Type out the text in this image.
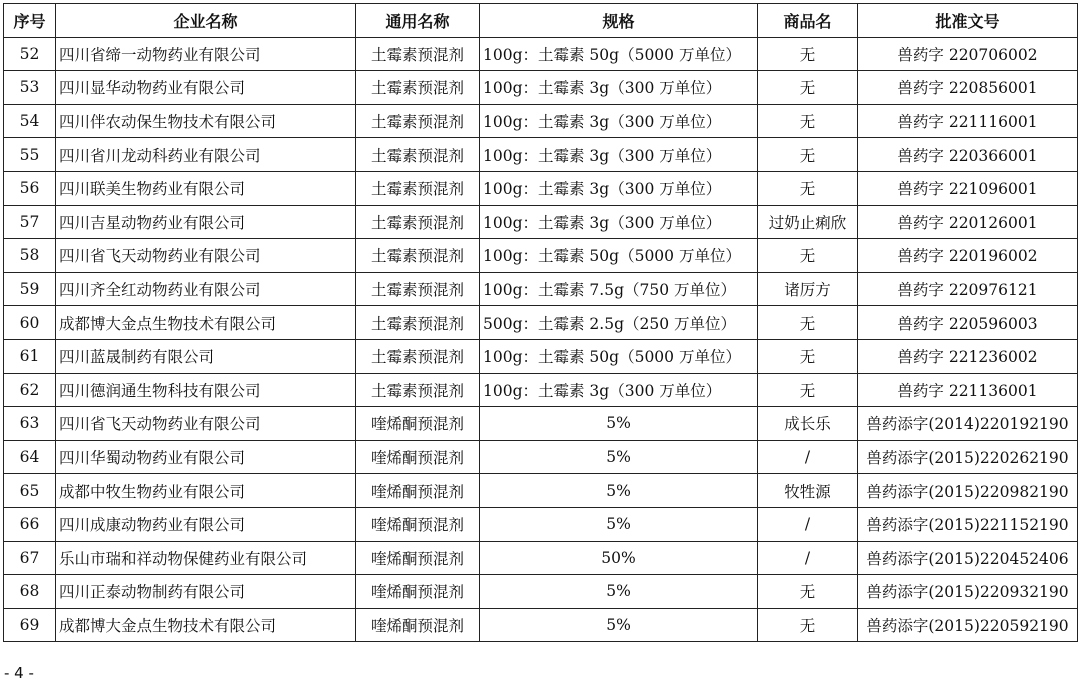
序号	企业名称	通用名称	规格	商品名	批准文号
52	四川省缔一动物药业有限公司	土霉素预混剂	100g：土霉素 50g（5000 万单位）	无	兽药字 220706002
53	四川显华动物药业有限公司	土霉素预混剂	100g：土霉素 3g（300 万单位）	无	兽药字 220856001
54	四川伴农动保生物技术有限公司	土霉素预混剂	100g：土霉素 3g（300 万单位）	无	兽药字 221116001
55	四川省川龙动科药业有限公司	土霉素预混剂	100g：土霉素 3g（300 万单位）	无	兽药字 220366001
56	四川联美生物药业有限公司	土霉素预混剂	100g：土霉素 3g（300 万单位）	无	兽药字 221096001
57	四川吉星动物药业有限公司	土霉素预混剂	100g：土霉素 3g（300 万单位）	过奶止痢欣	兽药字 220126001
58	四川省飞天动物药业有限公司	土霉素预混剂	100g：土霉素 50g（5000 万单位）	无	兽药字 220196002
59	四川齐全红动物药业有限公司	土霉素预混剂	100g：土霉素 7.5g（750 万单位）	诸厉方	兽药字 220976121
60	成都博大金点生物技术有限公司	土霉素预混剂	500g：土霉素 2.5g（250 万单位）	无	兽药字 220596003
61	四川蓝晟制药有限公司	土霉素预混剂	100g：土霉素 50g（5000 万单位）	无	兽药字 221236002
62	四川德润通生物科技有限公司	土霉素预混剂	100g：土霉素 3g（300 万单位）	无	兽药字 221136001
63	四川省飞天动物药业有限公司	喹烯酮预混剂	5%	成长乐	兽药添字(2014)220192190
64	四川华蜀动物药业有限公司	喹烯酮预混剂	5%	/	兽药添字(2015)220262190
65	成都中牧生物药业有限公司	喹烯酮预混剂	5%	牧牲源	兽药添字(2015)220982190
66	四川成康动物药业有限公司	喹烯酮预混剂	5%	/	兽药添字(2015)221152190
67	乐山市瑞和祥动物保健药业有限公司	喹烯酮预混剂	50%	/	兽药添字(2015)220452406
68	四川正泰动物制药有限公司	喹烯酮预混剂	5%	无	兽药添字(2015)220932190
69	成都博大金点生物技术有限公司	喹烯酮预混剂	5%	无	兽药添字(2015)220592190
- 4 -
